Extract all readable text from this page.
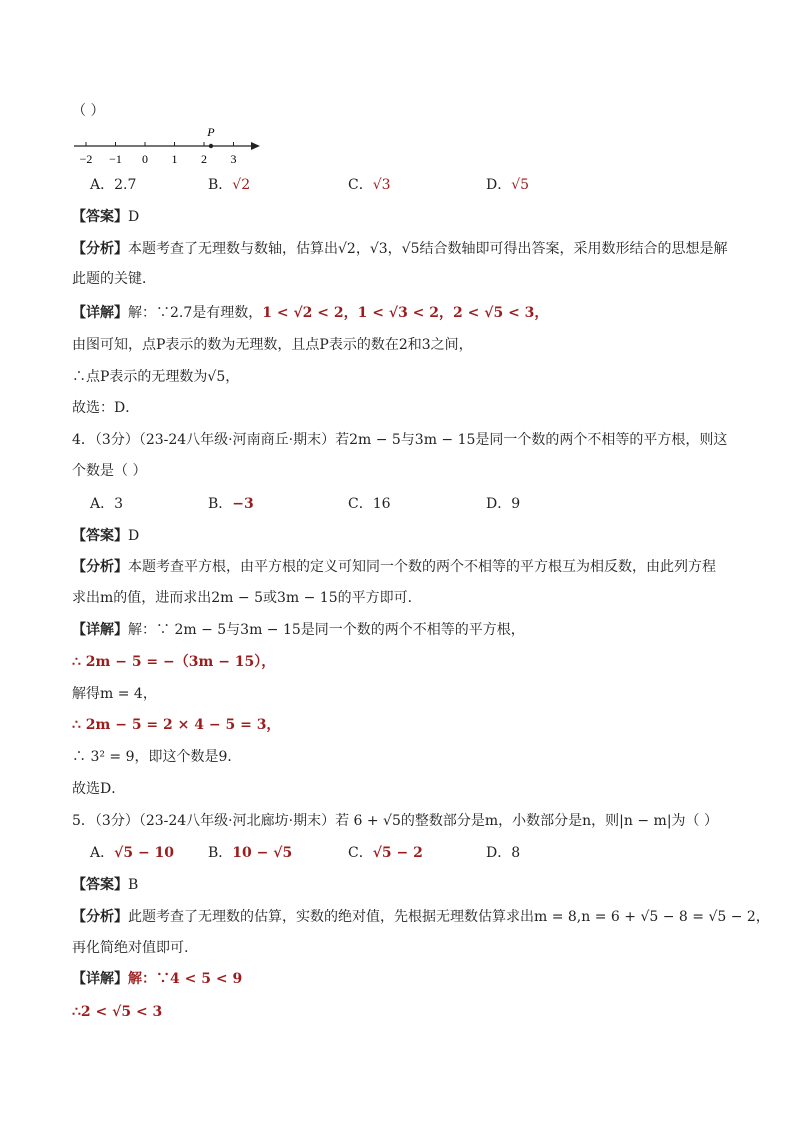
（ ）
−2 −1 0 1 2 3
P
A．2.7	B．√2	C．√3	D．√5
【答案】D
【分析】本题考查了无理数与数轴，估算出√2，√3，√5结合数轴即可得出答案，采用数形结合的思想是解
此题的关键．
【详解】解：∵2.7是有理数，1 < √2 < 2，1 < √3 < 2，2 < √5 < 3，
由图可知，点P表示的数为无理数，且点P表示的数在2和3之间，
∴点P表示的无理数为√5，
故选：D．
4．（3分）（23-24八年级·河南商丘·期末）若2m − 5与3m − 15是同一个数的两个不相等的平方根，则这
个数是（ ）
A．3	B．−3	C．16	D．9
【答案】D
【分析】本题考查平方根，由平方根的定义可知同一个数的两个不相等的平方根互为相反数，由此列方程
求出m的值，进而求出2m − 5或3m − 15的平方即可．
【详解】解：∵ 2m − 5与3m − 15是同一个数的两个不相等的平方根，
∴ 2m − 5 = −（3m − 15），
解得m = 4，
∴ 2m − 5 = 2 × 4 − 5 = 3，
∴ 3² = 9，即这个数是9．
故选D．
5．（3分）（23-24八年级·河北廊坊·期末）若 6 + √5的整数部分是m，小数部分是n，则|n − m|为（ ）
A．√5 − 10 B．10 − √5	C．√5 − 2	D．8
【答案】B
【分析】此题考查了无理数的估算，实数的绝对值，先根据无理数估算求出m = 8,n = 6 + √5 − 8 = √5 − 2，
再化简绝对值即可.
【详解】解：∵4 < 5 < 9
∴2 < √5 < 3
